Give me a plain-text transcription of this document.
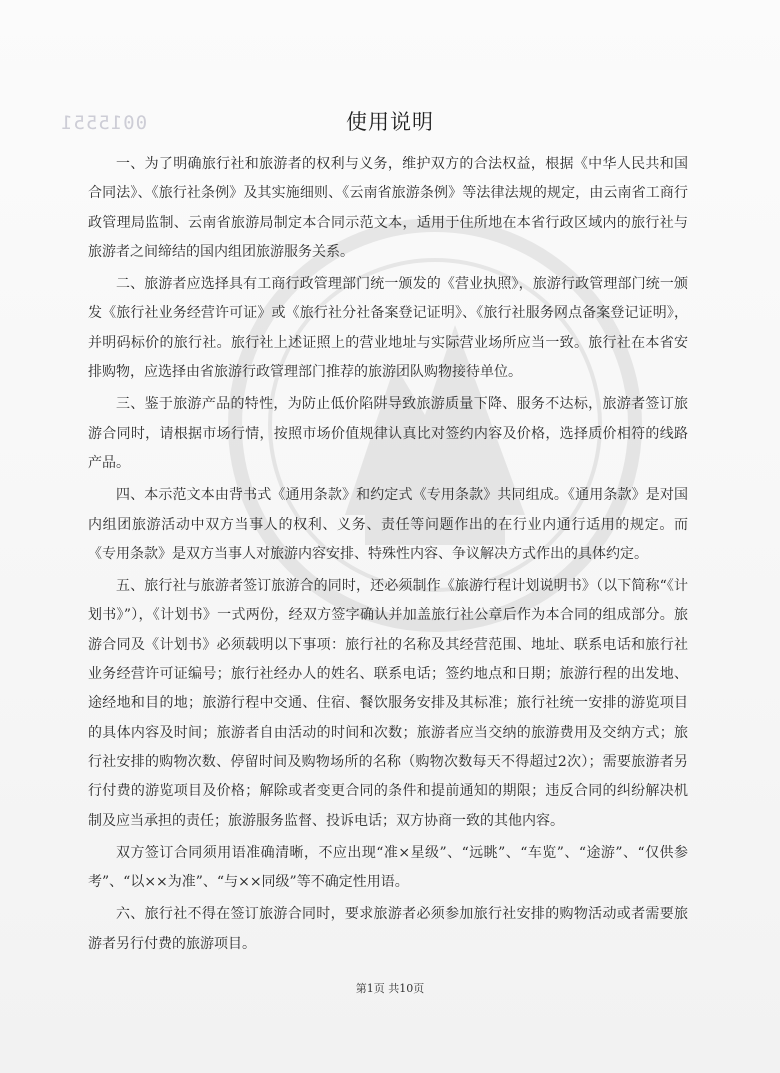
0015551	使用说明

一、为了明确旅行社和旅游者的权利与义务，维护双方的合法权益，根据《中华人民共和国合同法》、《旅行社条例》及其实施细则、《云南省旅游条例》等法律法规的规定，由云南省工商行政管理局监制、云南省旅游局制定本合同示范文本，适用于住所地在本省行政区域内的旅行社与旅游者之间缔结的国内组团旅游服务关系。

二、旅游者应选择具有工商行政管理部门统一颁发的《营业执照》，旅游行政管理部门统一颁发《旅行社业务经营许可证》或《旅行社分社备案登记证明》、《旅行社服务网点备案登记证明》，并明码标价的旅行社。旅行社上述证照上的营业地址与实际营业场所应当一致。旅行社在本省安排购物，应选择由省旅游行政管理部门推荐的旅游团队购物接待单位。

三、鉴于旅游产品的特性，为防止低价陷阱导致旅游质量下降、服务不达标，旅游者签订旅游合同时，请根据市场行情，按照市场价值规律认真比对签约内容及价格，选择质价相符的线路产品。

四、本示范文本由背书式《通用条款》和约定式《专用条款》共同组成。《通用条款》是对国内组团旅游活动中双方当事人的权利、义务、责任等问题作出的在行业内通行适用的规定。而《专用条款》是双方当事人对旅游内容安排、特殊性内容、争议解决方式作出的具体约定。

五、旅行社与旅游者签订旅游合的同时，还必须制作《旅游行程计划说明书》（以下简称“《计划书》”），《计划书》一式两份，经双方签字确认并加盖旅行社公章后作为本合同的组成部分。旅游合同及《计划书》必须载明以下事项：旅行社的名称及其经营范围、地址、联系电话和旅行社业务经营许可证编号；旅行社经办人的姓名、联系电话；签约地点和日期；旅游行程的出发地、途经地和目的地；旅游行程中交通、住宿、餐饮服务安排及其标准；旅行社统一安排的游览项目的具体内容及时间；旅游者自由活动的时间和次数；旅游者应当交纳的旅游费用及交纳方式；旅行社安排的购物次数、停留时间及购物场所的名称（购物次数每天不得超过2次）；需要旅游者另行付费的游览项目及价格；解除或者变更合同的条件和提前通知的期限；违反合同的纠纷解决机制及应当承担的责任；旅游服务监督、投诉电话；双方协商一致的其他内容。

双方签订合同须用语准确清晰，不应出现“准×星级”、“远眺”、“车览”、“途游”、“仅供参考”、“以××为准”、“与××同级”等不确定性用语。

六、旅行社不得在签订旅游合同时，要求旅游者必须参加旅行社安排的购物活动或者需要旅游者另行付费的旅游项目。

第1页 共10页
